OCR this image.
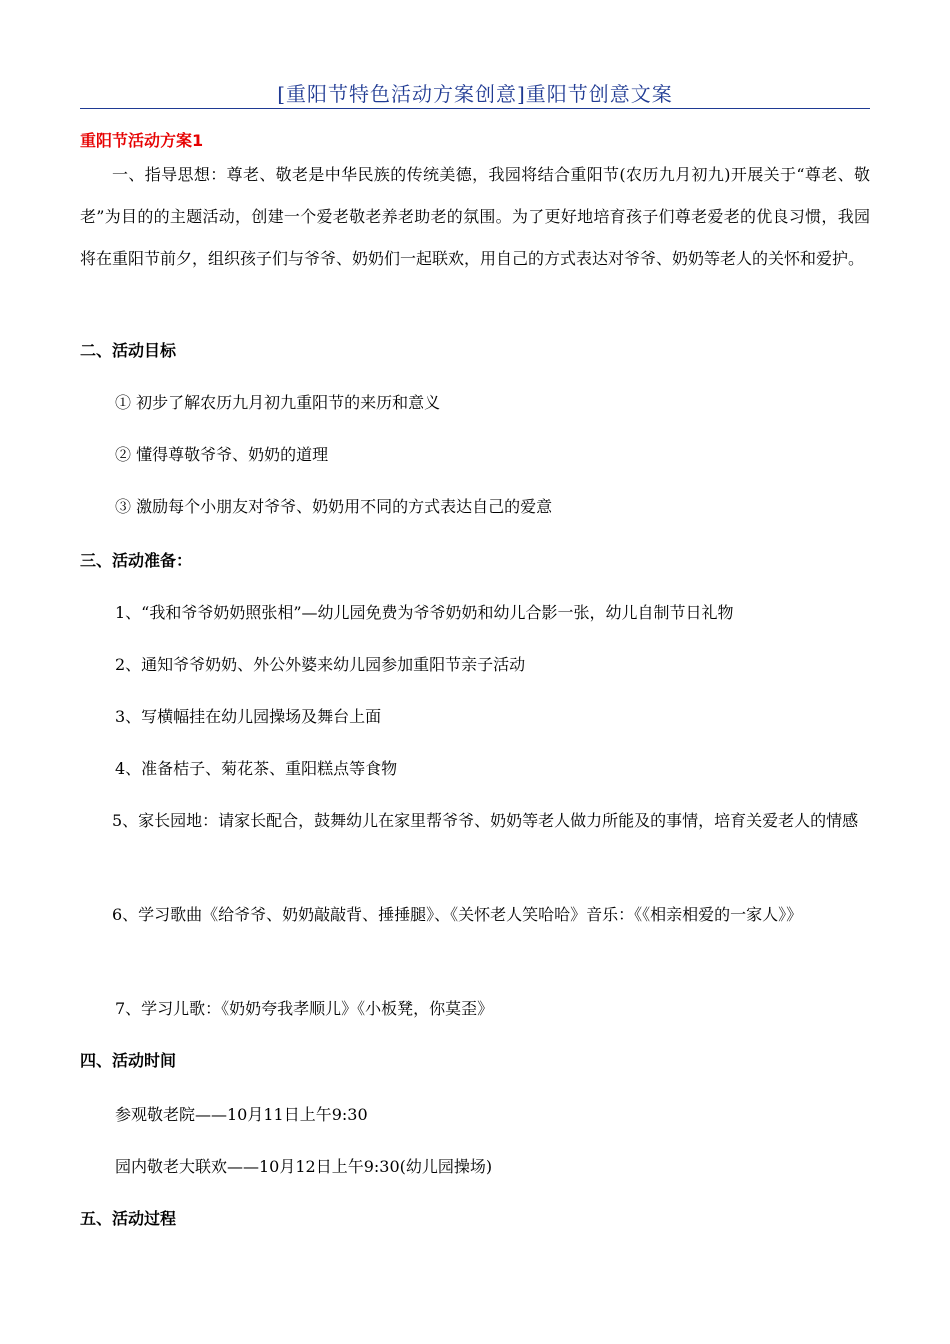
[重阳节特色活动方案创意]重阳节创意文案
重阳节活动方案1
一、指导思想：尊老、敬老是中华民族的传统美德，我园将结合重阳节(农历九月初九)开展关于“尊老、敬老”为目的的主题活动，创建一个爱老敬老养老助老的氛围。为了更好地培育孩子们尊老爱老的优良习惯，我园将在重阳节前夕，组织孩子们与爷爷、奶奶们一起联欢，用自己的方式表达对爷爷、奶奶等老人的关怀和爱护。
二、活动目标
① 初步了解农历九月初九重阳节的来历和意义
② 懂得尊敬爷爷、奶奶的道理
③ 激励每个小朋友对爷爷、奶奶用不同的方式表达自己的爱意
三、活动准备：
1、“我和爷爷奶奶照张相”—幼儿园免费为爷爷奶奶和幼儿合影一张，幼儿自制节日礼物
2、通知爷爷奶奶、外公外婆来幼儿园参加重阳节亲子活动
3、写横幅挂在幼儿园操场及舞台上面
4、准备桔子、菊花茶、重阳糕点等食物
5、家长园地：请家长配合，鼓舞幼儿在家里帮爷爷、奶奶等老人做力所能及的事情，培育关爱老人的情感
6、学习歌曲《给爷爷、奶奶敲敲背、捶捶腿》、《关怀老人笑哈哈》音乐：《《相亲相爱的一家人》》
7、学习儿歌：《奶奶夸我孝顺儿》《小板凳，你莫歪》
四、活动时间
参观敬老院——10月11日上午9:30
园内敬老大联欢——10月12日上午9:30(幼儿园操场)
五、活动过程
